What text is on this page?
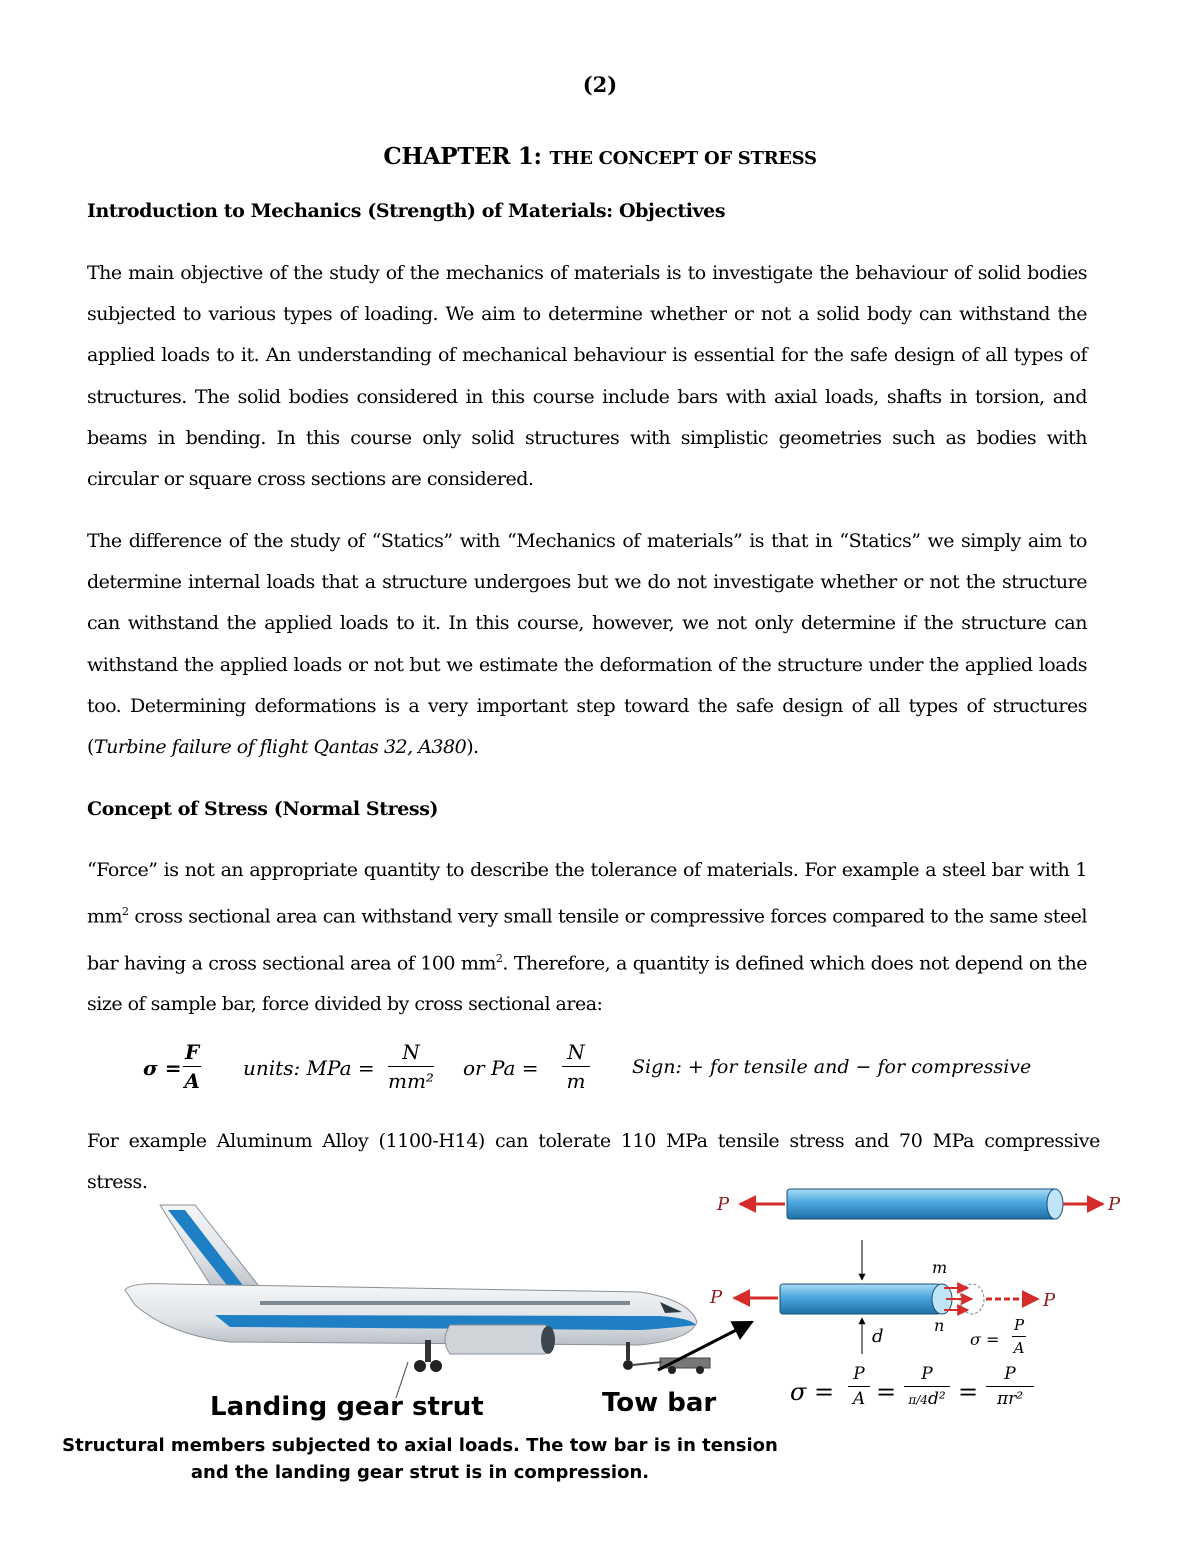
(2)
CHAPTER 1: THE CONCEPT OF STRESS
Introduction to Mechanics (Strength) of Materials: Objectives

The main objective of the study of the mechanics of materials is to investigate the behaviour of solid bodies subjected to various types of loading. We aim to determine whether or not a solid body can withstand the applied loads to it. An understanding of mechanical behaviour is essential for the safe design of all types of structures. The solid bodies considered in this course include bars with axial loads, shafts in torsion, and beams in bending. In this course only solid structures with simplistic geometries such as bodies with circular or square cross sections are considered.

The difference of the study of “Statics” with “Mechanics of materials” is that in “Statics” we simply aim to determine internal loads that a structure undergoes but we do not investigate whether or not the structure can withstand the applied loads to it. In this course, however, we not only determine if the structure can withstand the applied loads or not but we estimate the deformation of the structure under the applied loads too. Determining deformations is a very important step toward the safe design of all types of structures (Turbine failure of flight Qantas 32, A380).

Concept of Stress (Normal Stress)

“Force” is not an appropriate quantity to describe the tolerance of materials. For example a steel bar with 1 $mm^2$ cross sectional area can withstand very small tensile or compressive forces compared to the same steel bar having a cross sectional area of 100 $mm^2$. Therefore, a quantity is defined which does not depend on the size of sample bar, force divided by cross sectional area:

$\sigma = \frac{F}{A}$ units: MPa = $\frac{N}{\text{mm²}}$ or $Pa = \frac{N}{m}$ Sign: + for tensile and − for compressive

For example Aluminum Alloy (1100-H14) can tolerate 110 MPa tensile stress and 70 MPa compressive stress.

P	P
P	P
m
n
d	$\sigma = \frac{P}{A}$
$\sigma = \frac{P}{A} = \frac{P}{\text{π/4d²}} = \frac{P}{\text{πr²}}$
Landing gear strut	Tow bar
Structural members subjected to axial loads. The tow bar is in tension and the landing gear strut is in compression.
